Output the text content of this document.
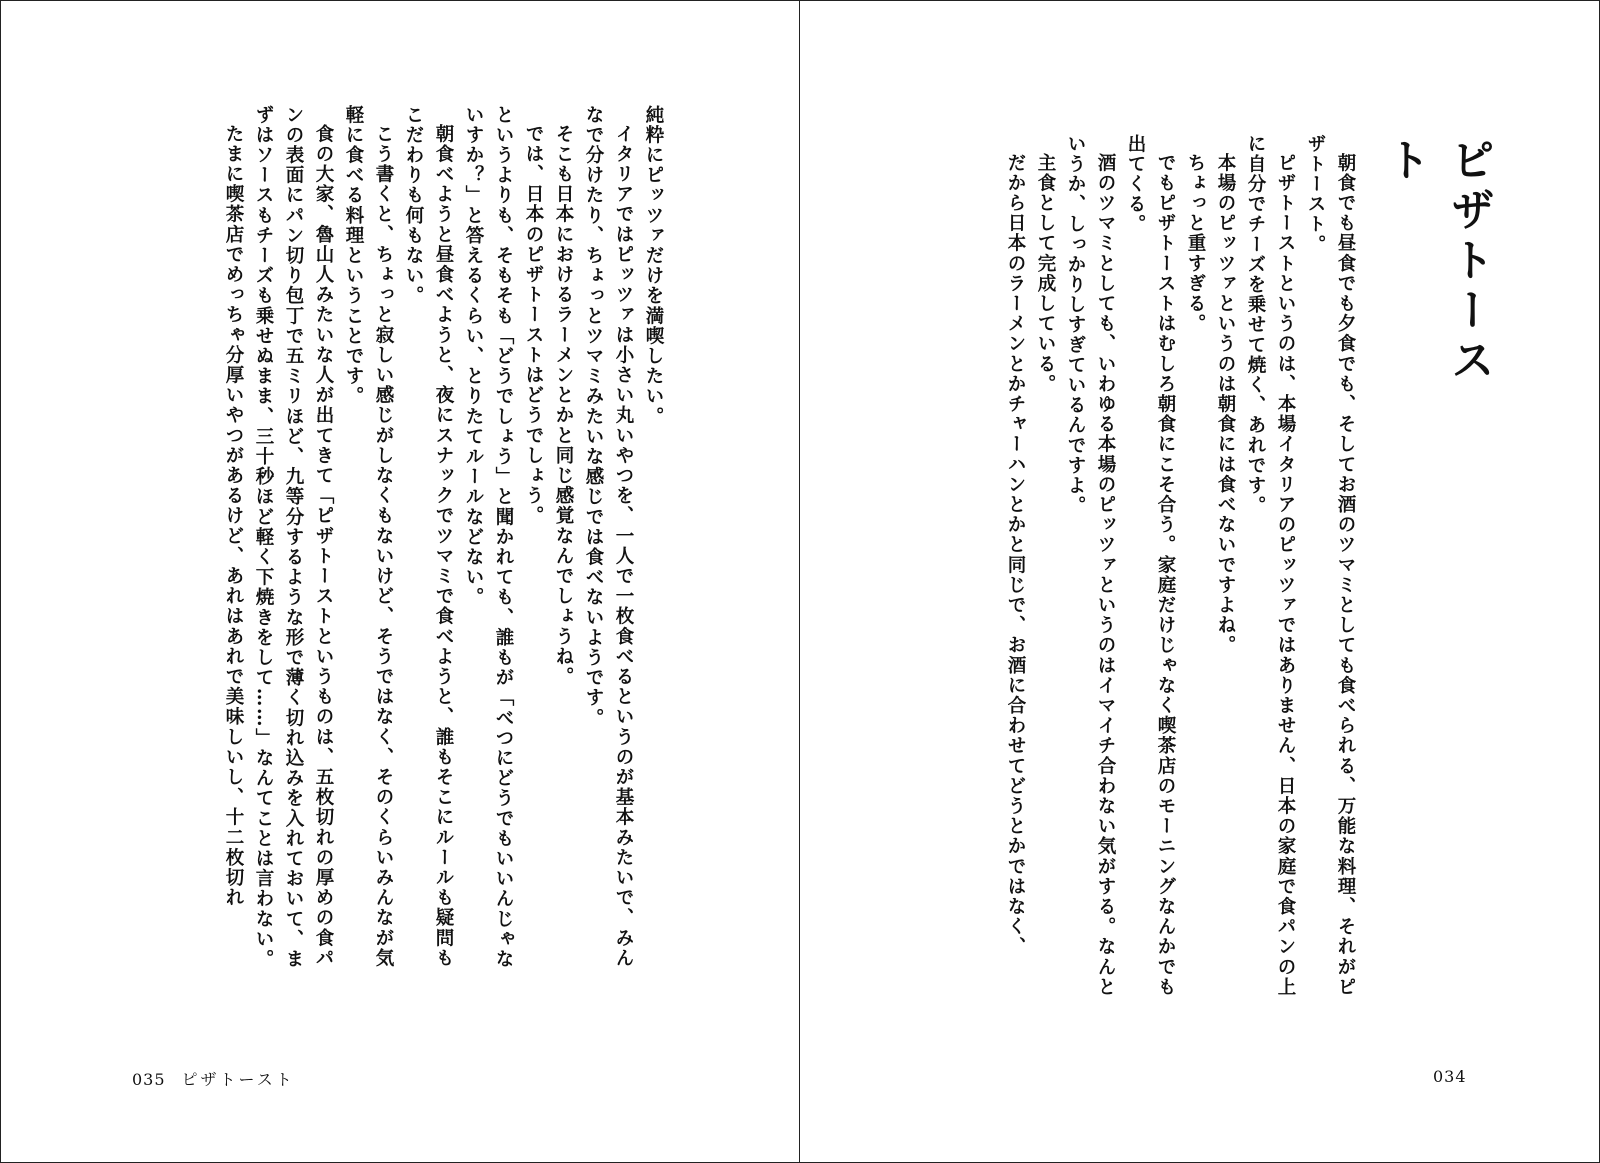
純粋にピッツァだけを満喫したい。

イタリアではピッツァは小さい丸いやつを、一人で一枚食べるというのが基本みたいで、みんなで分けたり、ちょっとツマミみたいな感じでは食べないようです。

そこも日本におけるラーメンとかと同じ感覚なんでしょうね。

では、日本のピザトーストはどうでしょう。

というよりも、そもそも「どうでしょう」と聞かれても、誰もが「べつにどうでもいいんじゃないすか？」と答えるくらい、とりたてルールなどない。

朝食べようと昼食べようと、夜にスナックでツマミで食べようと、誰もそこにルールも疑問もこだわりも何もない。

こう書くと、ちょっと寂しい感じがしなくもないけど、そうではなく、そのくらいみんなが気軽に食べる料理ということです。

食の大家、魯山人みたいな人が出てきて「ピザトーストというものは、五枚切れの厚めの食パンの表面にパン切り包丁で五ミリほど、九等分するような形で薄く切れ込みを入れておいて、まずはソースもチーズも乗せぬまま、三十秒ほど軽く下焼きをして……」なんてことは言わない。

たまに喫茶店でめっちゃ分厚いやつがあるけど、あれはあれで美味しいし、十二枚切れ

035 ピザトースト
ピザトースト

朝食でも昼食でも夕食でも、そしてお酒のツマミとしても食べられる、万能な料理、それがピザトースト。

ピザトーストというのは、本場イタリアのピッツァではありません、日本の家庭で食パンの上に自分でチーズを乗せて焼く、あれです。

本場のピッツァというのは朝食には食べないですよね。

ちょっと重すぎる。

でもピザトーストはむしろ朝食にこそ合う。家庭だけじゃなく喫茶店のモーニングなんかでも出てくる。

酒のツマミとしても、いわゆる本場のピッツァというのはイマイチ合わない気がする。なんというか、しっかりしすぎているんですよ。

主食として完成している。

だから日本のラーメンとかチャーハンとかと同じで、お酒に合わせてどうとかではなく、

034
